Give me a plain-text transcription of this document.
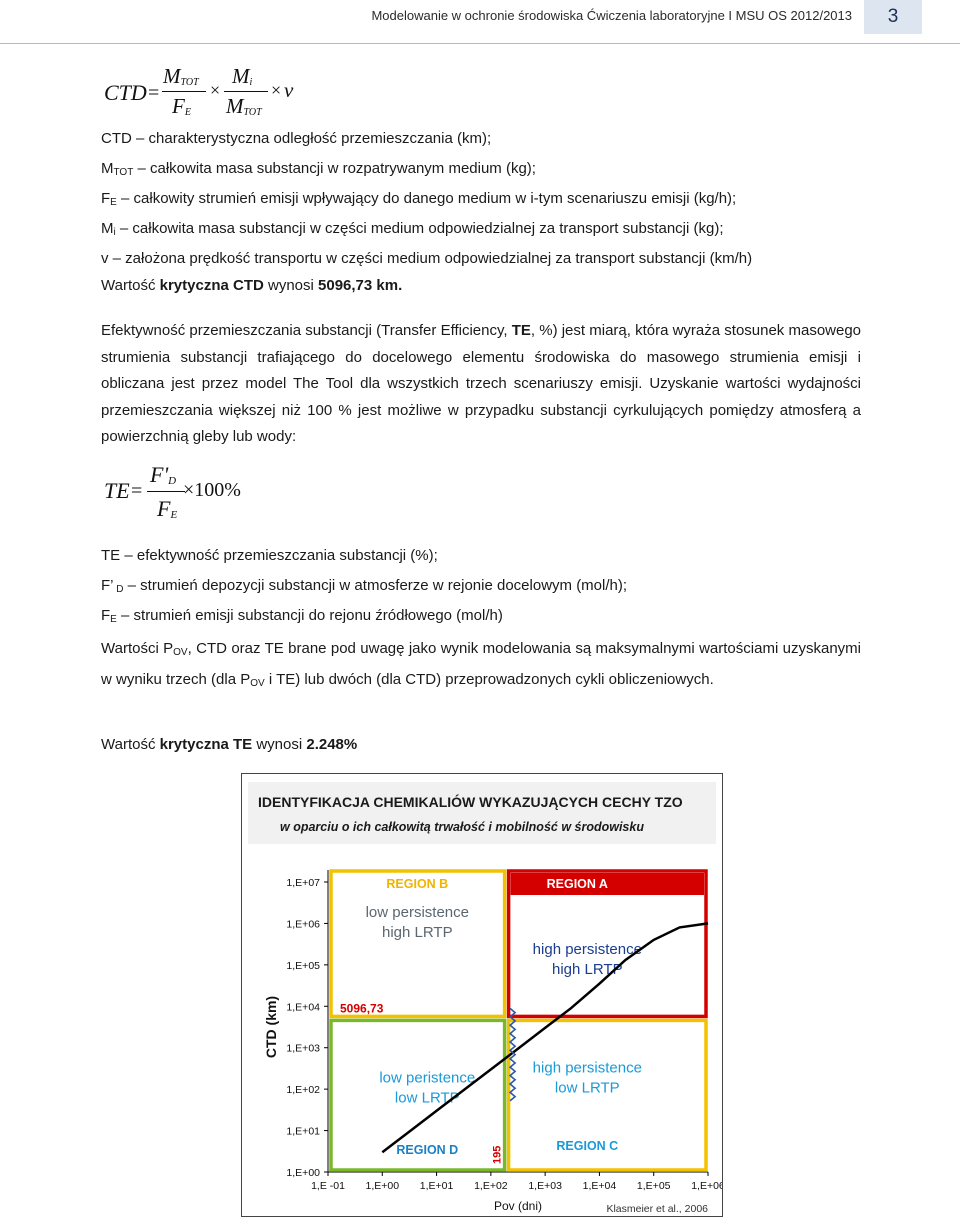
Modelowanie w ochronie środowiska Ćwiczenia laboratoryjne I MSU OS 2012/2013	3
CTD =
$M_{TOT}$
$F_E$
×
$M_i$
$M_{TOT}$
× ν
CTD – charakterystyczna odległość przemieszczania (km);
$M_{TOT}$ – całkowita masa substancji w rozpatrywanym medium (kg);
$F_E$ – całkowity strumień emisji wpływający do danego medium w i-tym scenariuszu emisji (kg/h);
$M_i$ – całkowita masa substancji w części medium odpowiedzialnej za transport substancji (kg);
v – założona prędkość transportu w części medium odpowiedzialnej za transport substancji (km/h)
Wartość krytyczna CTD wynosi 5096,73 km.
Efektywność przemieszczania substancji (Transfer Efficiency, TE, %) jest miarą, która wyraża stosunek masowego strumienia substancji trafiającego do docelowego elementu środowiska do masowego strumienia emisji i obliczana jest przez model The Tool dla wszystkich trzech scenariuszy emisji. Uzyskanie wartości wydajności przemieszczania większej niż 100 % jest możliwe w przypadku substancji cyrkulujących pomiędzy atmosferą a powierzchnią gleby lub wody:
TE =
$F'_D$
$F_E$
×100%
TE – efektywność przemieszczania substancji (%);
F’ $_D$ – strumień depozycji substancji w atmosferze w rejonie docelowym (mol/h);
$F_E$ – strumień emisji substancji do rejonu źródłowego (mol/h)
Wartości $P_{OV}$, CTD oraz TE brane pod uwagę jako wynik modelowania są maksymalnymi wartościami uzyskanymi w wyniku trzech (dla $P_{OV}$ i TE) lub dwóch (dla CTD) przeprowadzonych cykli obliczeniowych.
Wartość krytyczna TE wynosi 2.248%
IDENTYFIKACJA CHEMIKALIÓW WYKAZUJĄCYCH CECHY TZO
w oparciu o ich całkowitą trwałość i mobilność w środowisku
1,E+00
1,E+01
1,E+02
1,E+03
1,E+04
1,E+05
1,E+06
1,E+07
1,E -01 1,E+00 1,E+01 1,E+02 1,E+03 1,E+04 1,E+05 1,E+06
Pov (dni)
CTD (km)
REGION B
low persistence
high LRTP
REGION A
high persistence
high LRTP
low peristence
low LRTP
REGION D
high persistence
low LRTP
REGION C
5096,73
195
Klasmeier et al., 2006
